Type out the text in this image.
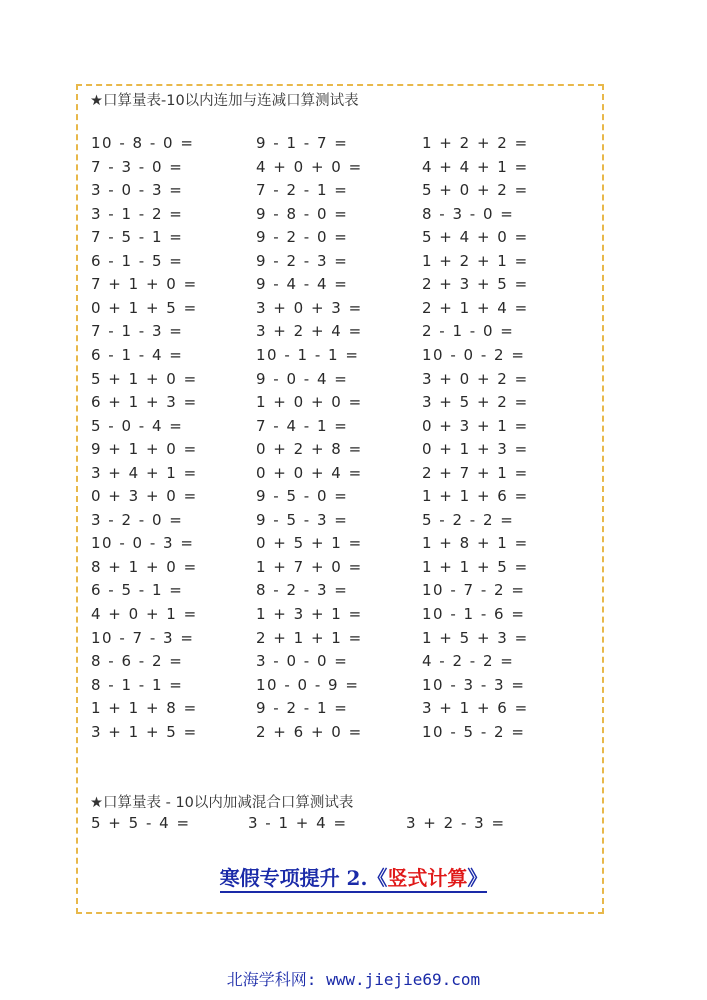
★口算量表-10以内连加与连减口算测试表
10 - 8 - 0 =	9 - 1 - 7 =	1 + 2 + 2 =
7 - 3 - 0 =	4 + 0 + 0 =	4 + 4 + 1 =
3 - 0 - 3 =	7 - 2 - 1 =	5 + 0 + 2 =
3 - 1 - 2 =	9 - 8 - 0 =	8 - 3 - 0 =
7 - 5 - 1 =	9 - 2 - 0 =	5 + 4 + 0 =
6 - 1 - 5 =	9 - 2 - 3 =	1 + 2 + 1 =
7 + 1 + 0 =	9 - 4 - 4 =	2 + 3 + 5 =
0 + 1 + 5 =	3 + 0 + 3 =	2 + 1 + 4 =
7 - 1 - 3 =	3 + 2 + 4 =	2 - 1 - 0 =
6 - 1 - 4 =	10 - 1 - 1 =	10 - 0 - 2 =
5 + 1 + 0 =	9 - 0 - 4 =	3 + 0 + 2 =
6 + 1 + 3 =	1 + 0 + 0 =	3 + 5 + 2 =
5 - 0 - 4 =	7 - 4 - 1 =	0 + 3 + 1 =
9 + 1 + 0 =	0 + 2 + 8 =	0 + 1 + 3 =
3 + 4 + 1 =	0 + 0 + 4 =	2 + 7 + 1 =
0 + 3 + 0 =	9 - 5 - 0 =	1 + 1 + 6 =
3 - 2 - 0 =	9 - 5 - 3 =	5 - 2 - 2 =
10 - 0 - 3 =	0 + 5 + 1 =	1 + 8 + 1 =
8 + 1 + 0 =	1 + 7 + 0 =	1 + 1 + 5 =
6 - 5 - 1 =	8 - 2 - 3 =	10 - 7 - 2 =
4 + 0 + 1 =	1 + 3 + 1 =	10 - 1 - 6 =
10 - 7 - 3 =	2 + 1 + 1 =	1 + 5 + 3 =
8 - 6 - 2 =	3 - 0 - 0 =	4 - 2 - 2 =
8 - 1 - 1 =	10 - 0 - 9 =	10 - 3 - 3 =
1 + 1 + 8 =	9 - 2 - 1 =	3 + 1 + 6 =
3 + 1 + 5 =	2 + 6 + 0 =	10 - 5 - 2 =
★口算量表 - 10以内加减混合口算测试表
5 + 5 - 4 =	3 - 1 + 4 =	3 + 2 - 3 =
寒假专项提升 2.《竖式计算》
北海学科网: www.jiejie69.com
